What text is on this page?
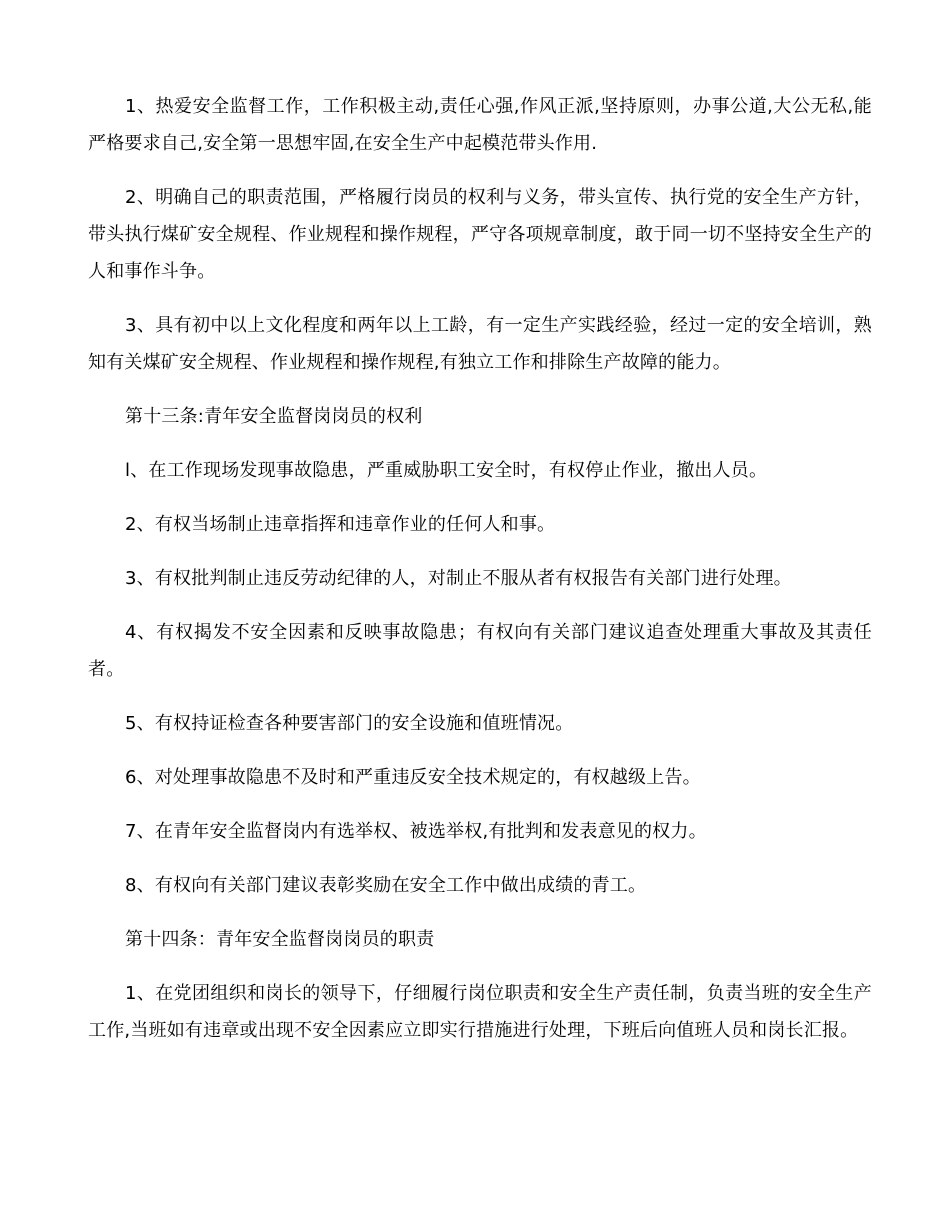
1、热爱安全监督工作，工作积极主动,责任心强,作风正派,坚持原则，办事公道,大公无私,能严格要求自己,安全第一思想牢固,在安全生产中起模范带头作用.

2、明确自己的职责范围，严格履行岗员的权利与义务，带头宣传、执行党的安全生产方针，带头执行煤矿安全规程、作业规程和操作规程，严守各项规章制度，敢于同一切不坚持安全生产的人和事作斗争。

3、具有初中以上文化程度和两年以上工龄，有一定生产实践经验，经过一定的安全培训，熟知有关煤矿安全规程、作业规程和操作规程,有独立工作和排除生产故障的能力。

第十三条:青年安全监督岗岗员的权利

l、在工作现场发现事故隐患，严重威胁职工安全时，有权停止作业，撤出人员。

2、有权当场制止违章指挥和违章作业的任何人和事。

3、有权批判制止违反劳动纪律的人，对制止不服从者有权报告有关部门进行处理。

4、有权揭发不安全因素和反映事故隐患；有权向有关部门建议追查处理重大事故及其责任者。

5、有权持证检查各种要害部门的安全设施和值班情况。

6、对处理事故隐患不及时和严重违反安全技术规定的，有权越级上告。

7、在青年安全监督岗内有选举权、被选举权,有批判和发表意见的权力。

8、有权向有关部门建议表彰奖励在安全工作中做出成绩的青工。

第十四条：青年安全监督岗岗员的职责

1、在党团组织和岗长的领导下，仔细履行岗位职责和安全生产责任制，负责当班的安全生产工作,当班如有违章或出现不安全因素应立即实行措施进行处理，下班后向值班人员和岗长汇报。
